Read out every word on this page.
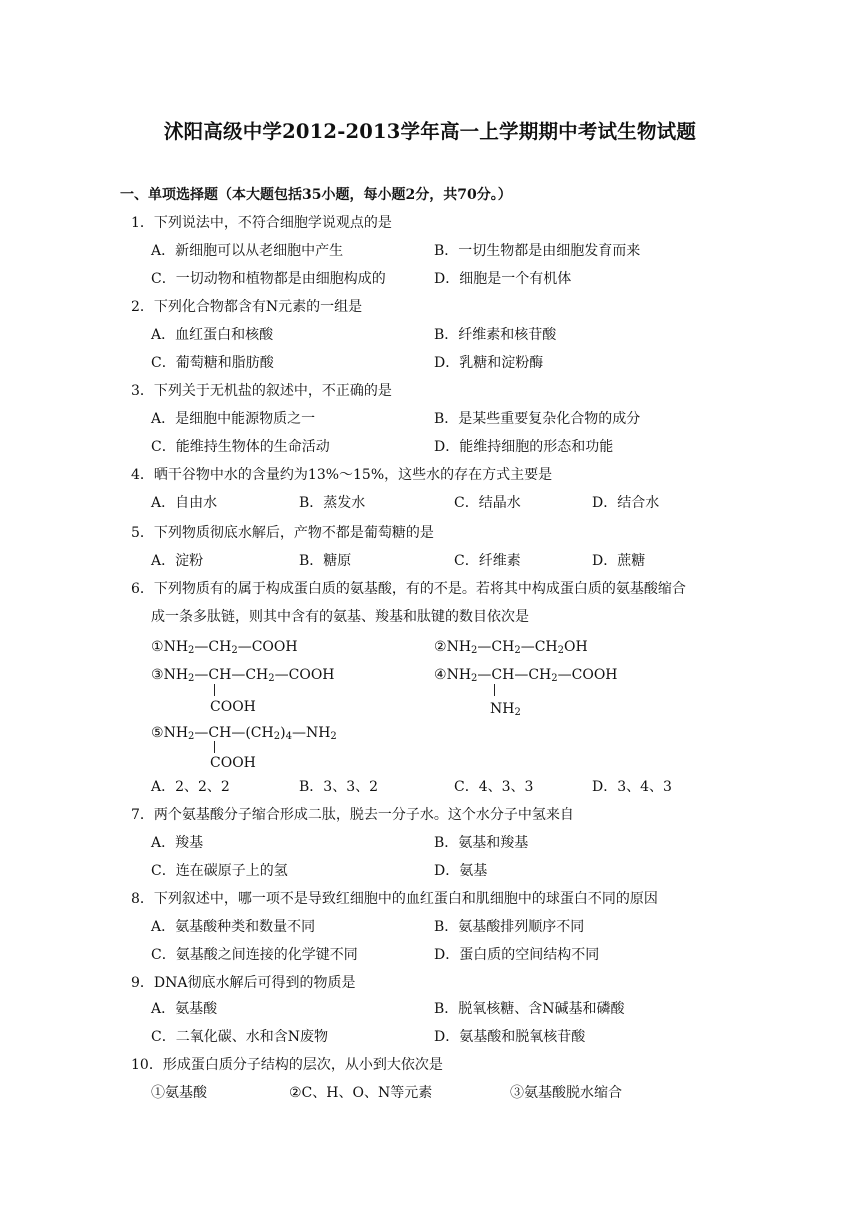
沭阳高级中学2012-2013学年高一上学期期中考试生物试题
一、单项选择题（本大题包括35小题，每小题2分，共70分。）
1．下列说法中，不符合细胞学说观点的是
A．新细胞可以从老细胞中产生	B．一切生物都是由细胞发育而来
C．一切动物和植物都是由细胞构成的	D．细胞是一个有机体
2．下列化合物都含有N元素的一组是
A．血红蛋白和核酸	B．纤维素和核苷酸
C．葡萄糖和脂肪酸	D．乳糖和淀粉酶
3．下列关于无机盐的叙述中，不正确的是
A．是细胞中能源物质之一	B．是某些重要复杂化合物的成分
C．能维持生物体的生命活动	D．能维持细胞的形态和功能
4．晒干谷物中水的含量约为13%～15%，这些水的存在方式主要是
A．自由水	B．蒸发水	C．结晶水	D．结合水
5．下列物质彻底水解后，产物不都是葡萄糖的是
A．淀粉	B．糖原	C．纤维素	D．蔗糖
6．下列物质有的属于构成蛋白质的氨基酸，有的不是。若将其中构成蛋白质的氨基酸缩合
成一条多肽链，则其中含有的氨基、羧基和肽键的数目依次是
$①NH_2—CH_2—COOH$	$②NH_2—CH_2—CH_2OH$
$③NH_2—CH—CH_2—COOH$
COOH
$④NH_2—CH—CH_2—COOH$
$NH_2$
$⑤NH_2—CH—(CH_2)_4—NH_2$
COOH
A．2、2、2	B．3、3、2	C．4、3、3	D．3、4、3
7．两个氨基酸分子缩合形成二肽，脱去一分子水。这个水分子中氢来自
A．羧基	B．氨基和羧基
C．连在碳原子上的氢	D．氨基
8．下列叙述中，哪一项不是导致红细胞中的血红蛋白和肌细胞中的球蛋白不同的原因
A．氨基酸种类和数量不同	B．氨基酸排列顺序不同
C．氨基酸之间连接的化学键不同	D．蛋白质的空间结构不同
9．DNA彻底水解后可得到的物质是
A．氨基酸	B．脱氧核糖、含N碱基和磷酸
C．二氧化碳、水和含N废物	D．氨基酸和脱氧核苷酸
10．形成蛋白质分子结构的层次，从小到大依次是
①氨基酸	②C、H、O、N等元素	③氨基酸脱水缩合
